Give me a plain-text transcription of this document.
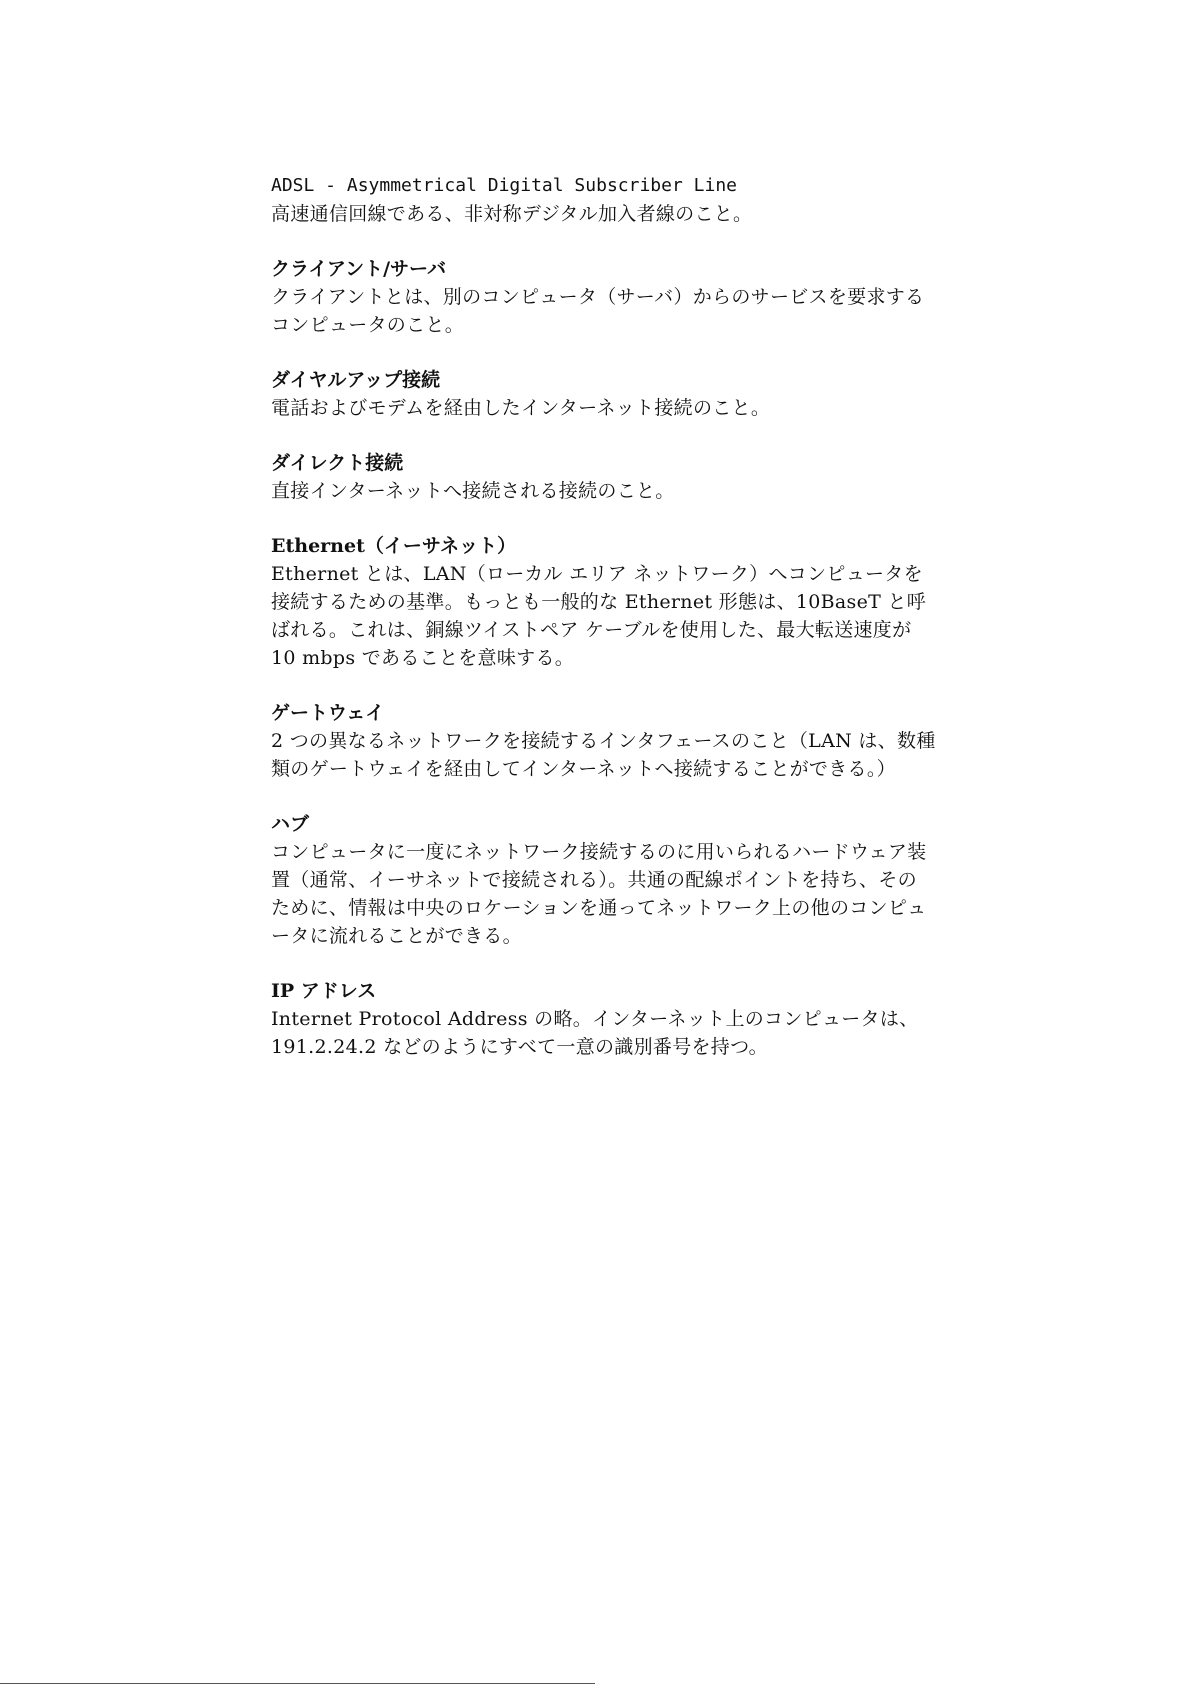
ADSL - Asymmetrical Digital Subscriber Line

高速通信回線である、非対称デジタル加入者線のこと。

クライアント/サーバ

クライアントとは、別のコンピュータ（サーバ）からのサービスを要求するコンピュータのこと。

ダイヤルアップ接続

電話およびモデムを経由したインターネット接続のこと。

ダイレクト接続

直接インターネットへ接続される接続のこと。

Ethernet（イーサネット）

Ethernet とは、LAN（ローカル エリア ネットワーク）へコンピュータを接続するための基準。もっとも一般的な Ethernet 形態は、10BaseT と呼ばれる。これは、銅線ツイストペア ケーブルを使用した、最大転送速度が 10 mbps であることを意味する。

ゲートウェイ

2 つの異なるネットワークを接続するインタフェースのこと（LAN は、数種類のゲートウェイを経由してインターネットへ接続することができる。）

ハブ

コンピュータに一度にネットワーク接続するのに用いられるハードウェア装置（通常、イーサネットで接続される）。共通の配線ポイントを持ち、そのために、情報は中央のロケーションを通ってネットワーク上の他のコンピュータに流れることができる。

IP アドレス

Internet Protocol Address の略。インターネット上のコンピュータは、191.2.24.2 などのようにすべて一意の識別番号を持つ。
